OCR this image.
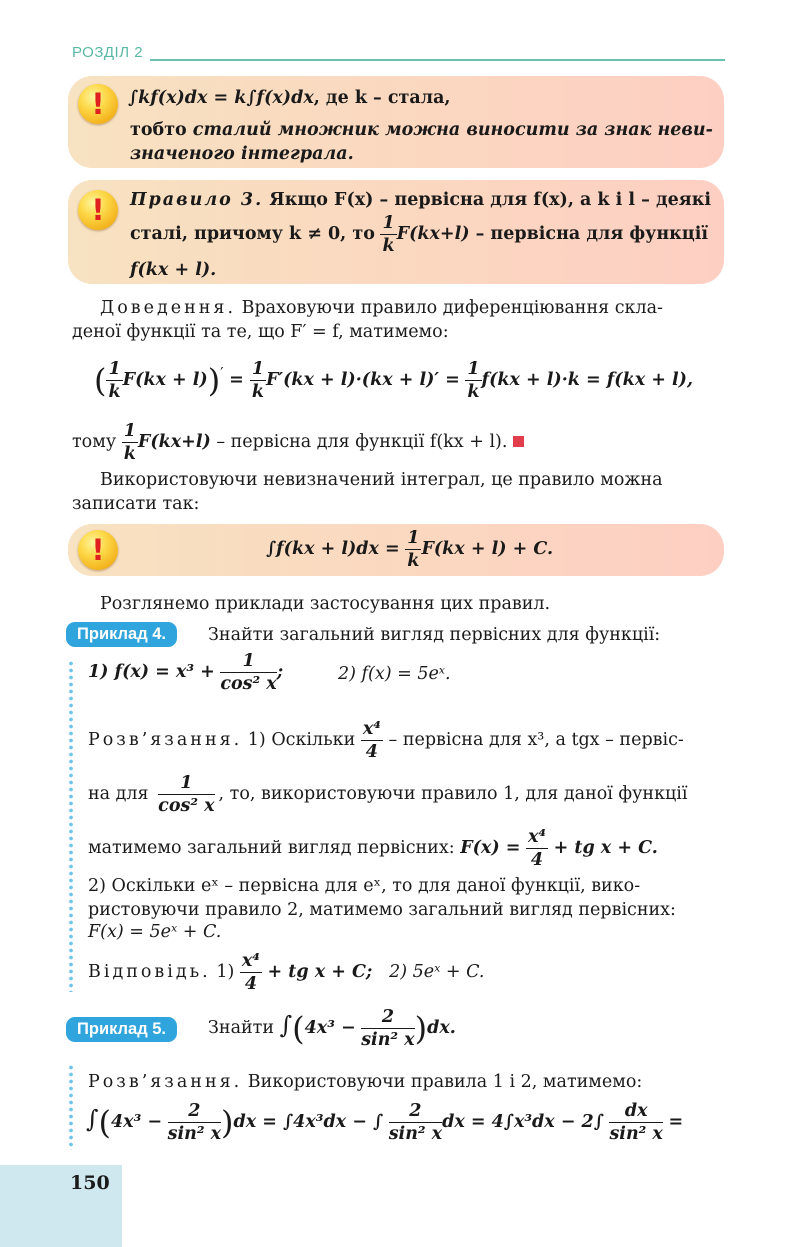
РОЗДІЛ 2
!	∫kf(x)dx = k∫f(x)dx, де k – стала,
тобто сталий множник можна виносити за знак неви-
значеного інтеграла.
!	Правило 3. Якщо F(x) – первісна для f(x), а k і l – деякі
сталі, причому k ≠ 0, то $\frac{1}{k} F(kx+l)$ – первісна для функції
f(kx + l).
Доведення. Враховуючи правило диференціювання скла-
деної функції та те, що F′ = f, матимемо:
( $\frac{1}{k} F(kx + l))' = \frac{1}{k} F'(kx + l)\cdot(kx + l)' = \frac{1}{k} f(kx + l)\cdot k = f(kx + l)$,
тому $\frac{1}{k} F(kx+l)$ – первісна для функції f(kx + l).
Використовуючи невизначений інтеграл, це правило можна
записати так:
!	$\int f(kx + l)dx = \frac{1}{k} F(kx + l) + C$.
Розглянемо приклади застосування цих правил.
Приклад 4.	Знайти загальний вигляд первісних для функції:
1) $f(x) = x^3 + \frac{1}{\text{cos² x}}$ ;	2) f(x) = 5eˣ.
Розв’язання. 1) Оскільки $\frac{\text{x⁴}}{4}$ – первісна для x³, а tgx – первіс-
на для $\frac{1}{\text{cos² x}}$ , то, використовуючи правило 1, для даної функції
матимемо загальний вигляд первісних: $F(x) = \frac{\text{x⁴}}{4}$ + tg x + C.
2) Оскільки eˣ – первісна для eˣ, то для даної функції, вико-
ристовуючи правило 2, матимемо загальний вигляд первісних:
F(x) = 5eˣ + C.
Відповідь. $1) \frac{\text{x⁴}}{4}$ + tg x + C; 2) 5eˣ + C.
Приклад 5.	Знайти $\int(4x^3 - \frac{2}{\text{sin² x}} )dx$.
Розв’язання. Використовуючи правила 1 і 2, матимемо:
$\int(4x^3 - \frac{2}{\text{sin² x}} )dx = \int 4x^3dx$ − ∫ $\frac{2}{\text{sin² x}}$ dx = $4\int x^3dx - 2\int \frac{dx}{\text{sin² x}}$ =
150
